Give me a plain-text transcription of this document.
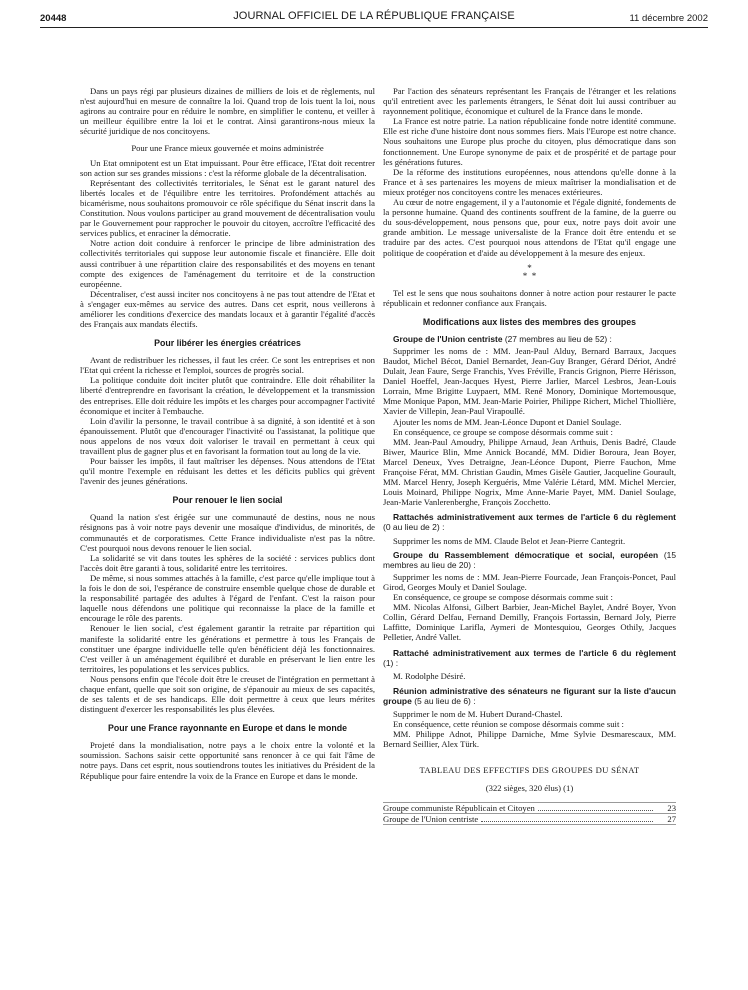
20448	JOURNAL OFFICIEL DE LA RÉPUBLIQUE FRANÇAISE	11 décembre 2002

Dans un pays régi par plusieurs dizaines de milliers de lois et de règlements, nul n'est aujourd'hui en mesure de connaître la loi. Quand trop de lois tuent la loi, nous agirons au contraire pour en réduire le nombre, en simplifier le contenu, et veiller à un meilleur équilibre entre la loi et le contrat. Ainsi garantirons-nous mieux la sécurité juridique de nos concitoyens.

Pour une France mieux gouvernée et moins administrée

Un Etat omnipotent est un Etat impuissant. Pour être efficace, l'Etat doit recentrer son action sur ses grandes missions : c'est la réforme globale de la décentralisation.

Représentant des collectivités territoriales, le Sénat est le garant naturel des libertés locales et de l'équilibre entre les territoires. Profondément attachés au bicamérisme, nous souhaitons promouvoir ce rôle spécifique du Sénat inscrit dans la Constitution. Nous voulons participer au grand mouvement de décentralisation voulu par le Gouvernement pour rapprocher le pouvoir du citoyen, accroître l'efficacité des services publics, et enraciner la démocratie.

Notre action doit conduire à renforcer le principe de libre administration des collectivités territoriales qui suppose leur autonomie fiscale et financière. Elle doit aussi contribuer à une répartition claire des responsabilités et des moyens en tenant compte des exigences de l'aménagement du territoire et de la construction européenne.

Décentraliser, c'est aussi inciter nos concitoyens à ne pas tout attendre de l'Etat et à s'engager eux-mêmes au service des autres. Dans cet esprit, nous veillerons à améliorer les conditions d'exercice des mandats locaux et à garantir l'égalité d'accès des Français aux mandats électifs.

Pour libérer les énergies créatrices

Avant de redistribuer les richesses, il faut les créer. Ce sont les entreprises et non l'Etat qui créent la richesse et l'emploi, sources de progrès social.

La politique conduite doit inciter plutôt que contraindre. Elle doit réhabiliter la liberté d'entreprendre en favorisant la création, le développement et la transmission des entreprises. Elle doit réduire les impôts et les charges pour accompagner l'activité économique et inciter à l'embauche.

Loin d'avilir la personne, le travail contribue à sa dignité, à son identité et à son épanouissement. Plutôt que d'encourager l'inactivité ou l'assistanat, la politique que nous appelons de nos vœux doit valoriser le travail en permettant à ceux qui travaillent plus de gagner plus et en favorisant la formation tout au long de la vie.

Pour baisser les impôts, il faut maîtriser les dépenses. Nous attendons de l'Etat qu'il montre l'exemple en réduisant les dettes et les déficits publics qui grèvent l'avenir des jeunes générations.

Pour renouer le lien social

Quand la nation s'est érigée sur une communauté de destins, nous ne nous résignons pas à voir notre pays devenir une mosaïque d'individus, de minorités, de communautés et de corporatismes. Cette France individualiste n'est pas la nôtre. C'est pourquoi nous devons renouer le lien social.

La solidarité se vit dans toutes les sphères de la société : services publics dont l'accès doit être garanti à tous, solidarité entre les territoires.

De même, si nous sommes attachés à la famille, c'est parce qu'elle implique tout à la fois le don de soi, l'espérance de construire ensemble quelque chose de durable et la responsabilité partagée des adultes à l'égard de l'enfant. C'est la raison pour laquelle nous défendons une politique qui reconnaisse la place de la famille et encourage le rôle des parents.

Renouer le lien social, c'est également garantir la retraite par répartition qui manifeste la solidarité entre les générations et permettre à tous les Français de constituer une épargne individuelle telle qu'en bénéficient déjà les fonctionnaires. C'est veiller à un aménagement équilibré et durable en préservant le lien entre les territoires, les populations et les services publics.

Nous pensons enfin que l'école doit être le creuset de l'intégration en permettant à chaque enfant, quelle que soit son origine, de s'épanouir au mieux de ses capacités, de ses talents et de ses handicaps. Elle doit permettre à ceux que leurs mérites distinguent d'exercer les responsabilités les plus élevées.

Pour une France rayonnante en Europe et dans le monde

Projeté dans la mondialisation, notre pays a le choix entre la volonté et la soumission. Sachons saisir cette opportunité sans renoncer à ce qui fait l'âme de notre pays. Dans cet esprit, nous soutiendrons toutes les initiatives du Président de la République pour faire entendre la voix de la France en Europe et dans le monde.

Par l'action des sénateurs représentant les Français de l'étranger et les relations qu'il entretient avec les parlements étrangers, le Sénat doit lui aussi contribuer au rayonnement politique, économique et culturel de la France dans le monde.

La France est notre patrie. La nation républicaine fonde notre identité commune. Elle est riche d'une histoire dont nous sommes fiers. Mais l'Europe est notre chance. Nous souhaitons une Europe plus proche du citoyen, plus démocratique dans son fonctionnement. Une Europe synonyme de paix et de prospérité et de partage pour les générations futures.

De la réforme des institutions européennes, nous attendons qu'elle donne à la France et à ses partenaires les moyens de mieux maîtriser la mondialisation et de mieux protéger nos concitoyens contre les menaces extérieures.

Au cœur de notre engagement, il y a l'autonomie et l'égale dignité, fondements de la personne humaine. Quand des continents souffrent de la famine, de la guerre ou du sous-développement, nous pensons que, pour eux, notre pays doit avoir une grande ambition. Le message universaliste de la France doit être entendu et se traduire par des actes. C'est pourquoi nous attendons de l'Etat qu'il engage une politique de coopération et d'aide au développement à la mesure des enjeux.

*
*  *

Tel est le sens que nous souhaitons donner à notre action pour restaurer le pacte républicain et redonner confiance aux Français.

Modifications aux listes des membres des groupes

Groupe de l'Union centriste (27 membres au lieu de 52) :

Supprimer les noms de : MM. Jean-Paul Alduy, Bernard Barraux, Jacques Baudot, Michel Bécot, Daniel Bernardet, Jean-Guy Branger, Gérard Dériot, André Dulait, Jean Faure, Serge Franchis, Yves Fréville, Francis Grignon, Pierre Hérisson, Daniel Hoeffel, Jean-Jacques Hyest, Pierre Jarlier, Marcel Lesbros, Jean-Louis Lorrain, Mme Brigitte Luypaert, MM. René Monory, Dominique Mortemousque, Mme Monique Papon, MM. Jean-Marie Poirier, Philippe Richert, Michel Thiollière, Xavier de Villepin, Jean-Paul Virapoullé.

Ajouter les noms de MM. Jean-Léonce Dupont et Daniel Soulage.

En conséquence, ce groupe se compose désormais comme suit :

MM. Jean-Paul Amoudry, Philippe Arnaud, Jean Arthuis, Denis Badré, Claude Biwer, Maurice Blin, Mme Annick Bocandé, MM. Didier Boroura, Jean Boyer, Marcel Deneux, Yves Detraigne, Jean-Léonce Dupont, Pierre Fauchon, Mme Françoise Férat, MM. Christian Gaudin, Mmes Gisèle Gautier, Jacqueline Gourault, MM. Marcel Henry, Joseph Kerguéris, Mme Valérie Létard, MM. Michel Mercier, Louis Moinard, Philippe Nogrix, Mme Anne-Marie Payet, MM. Daniel Soulage, Jean-Marie Vanlerenberghe, François Zocchetto.

Rattachés administrativement aux termes de l'article 6 du règlement (0 au lieu de 2) :

Supprimer les noms de MM. Claude Belot et Jean-Pierre Cantegrit.

Groupe du Rassemblement démocratique et social, européen (15 membres au lieu de 20) :

Supprimer les noms de : MM. Jean-Pierre Fourcade, Jean François-Poncet, Paul Girod, Georges Mouly et Daniel Soulage.

En conséquence, ce groupe se compose désormais comme suit :

MM. Nicolas Alfonsi, Gilbert Barbier, Jean-Michel Baylet, André Boyer, Yvon Collin, Gérard Delfau, Fernand Demilly, François Fortassin, Bernard Joly, Pierre Laffitte, Dominique Larifla, Aymeri de Montesquiou, Georges Othily, Jacques Pelletier, André Vallet.

Rattaché administrativement aux termes de l'article 6 du règlement (1) :

M. Rodolphe Désiré.

Réunion administrative des sénateurs ne figurant sur la liste d'aucun groupe (5 au lieu de 6) :

Supprimer le nom de M. Hubert Durand-Chastel.

En conséquence, cette réunion se compose désormais comme suit :

MM. Philippe Adnot, Philippe Darniche, Mme Sylvie Desmarescaux, MM. Bernard Seillier, Alex Türk.

TABLEAU DES EFFECTIFS DES GROUPES DU SÉNAT

(322 sièges, 320 élus) (1)

Groupe communiste Républicain et Citoyen	23
Groupe de l'Union centriste	27
